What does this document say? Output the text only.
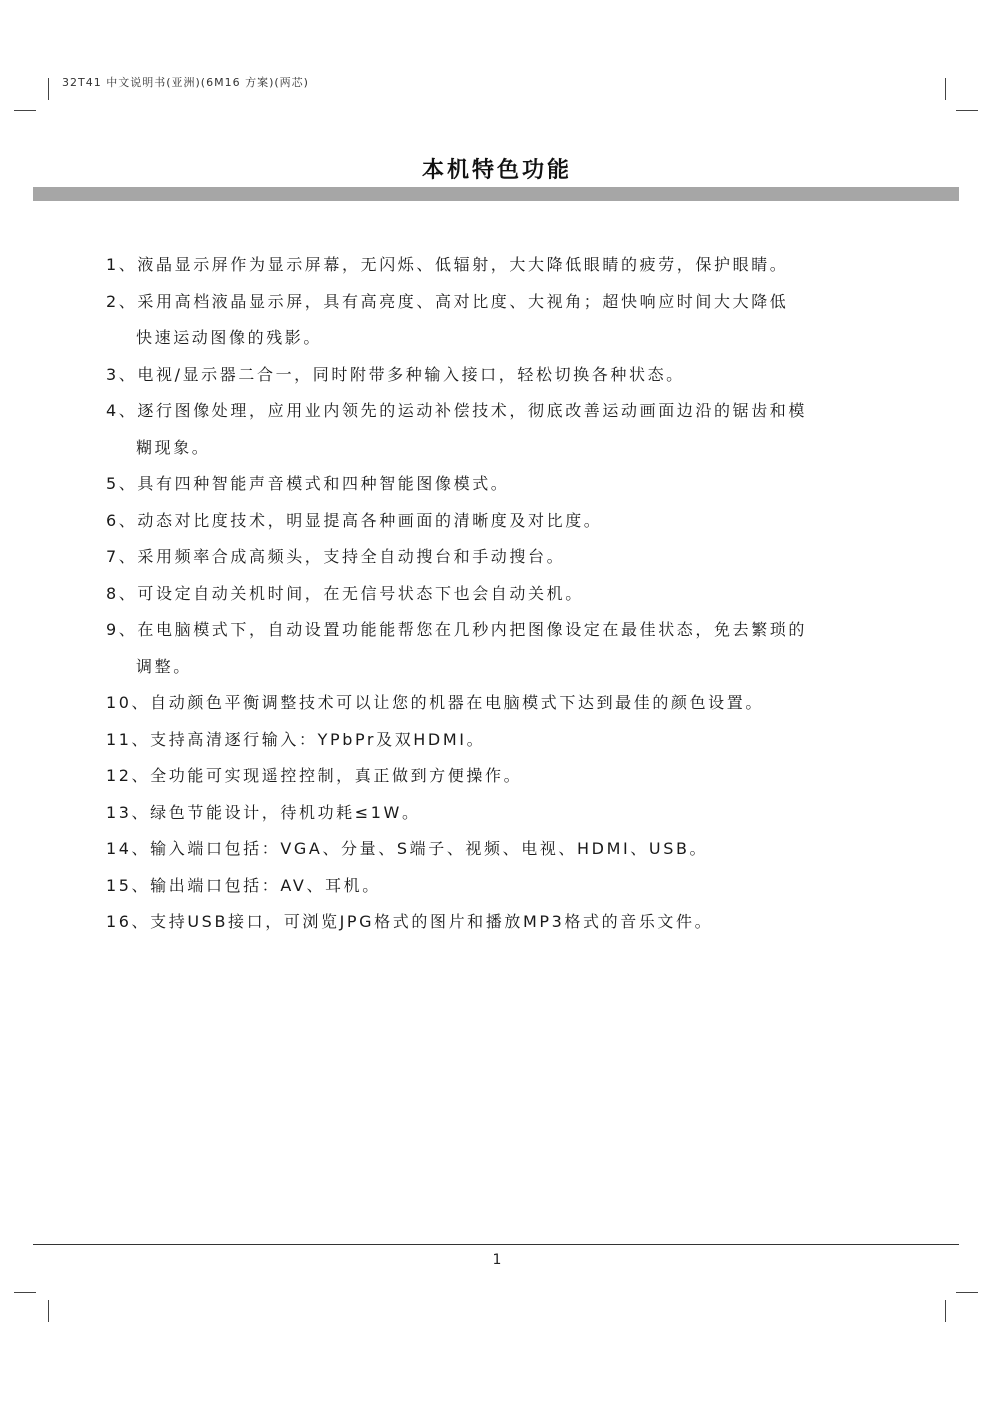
32T41 中文说明书(亚洲)(6M16 方案)(两芯)
本机特色功能
1、液晶显示屏作为显示屏幕，无闪烁、低辐射，大大降低眼睛的疲劳，保护眼睛。
2、采用高档液晶显示屏，具有高亮度、高对比度、大视角；超快响应时间大大降低
快速运动图像的残影。
3、电视/显示器二合一，同时附带多种输入接口，轻松切换各种状态。
4、逐行图像处理，应用业内领先的运动补偿技术，彻底改善运动画面边沿的锯齿和模
糊现象。
5、具有四种智能声音模式和四种智能图像模式。
6、动态对比度技术，明显提高各种画面的清晰度及对比度。
7、采用频率合成高频头，支持全自动搜台和手动搜台。
8、可设定自动关机时间，在无信号状态下也会自动关机。
9、在电脑模式下，自动设置功能能帮您在几秒内把图像设定在最佳状态，免去繁琐的
调整。
10、自动颜色平衡调整技术可以让您的机器在电脑模式下达到最佳的颜色设置。
11、支持高清逐行输入：YPbPr及双HDMI。
12、全功能可实现遥控控制，真正做到方便操作。
13、绿色节能设计，待机功耗≤1W。
14、输入端口包括：VGA、分量、S端子、视频、电视、HDMI、USB。
15、输出端口包括：AV、耳机。
16、支持USB接口，可浏览JPG格式的图片和播放MP3格式的音乐文件。
1
